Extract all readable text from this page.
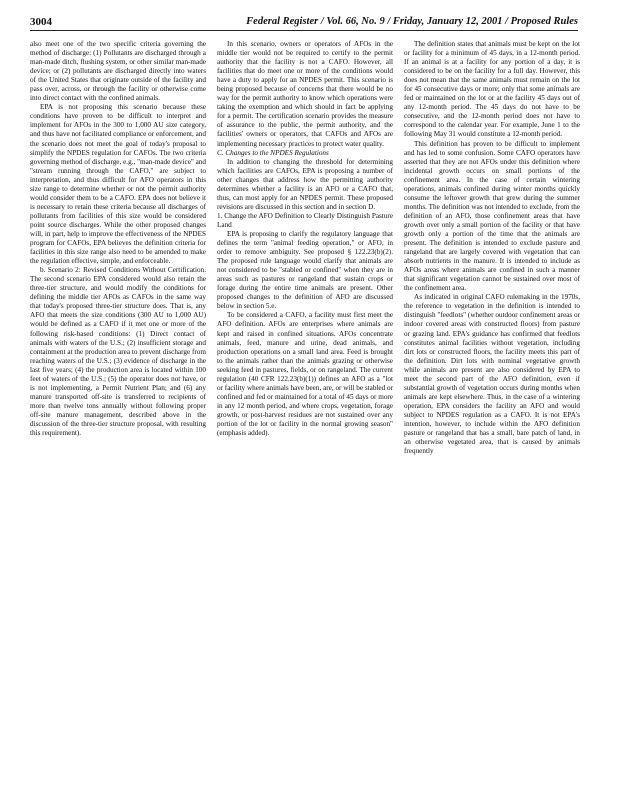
3004	Federal Register / Vol. 66, No. 9 / Friday, January 12, 2001 / Proposed Rules

also meet one of the two specific criteria governing the method of discharge: (1) Pollutants are discharged through a man-made ditch, flushing system, or other similar man-made device; or (2) pollutants are discharged directly into waters of the United States that originate outside of the facility and pass over, across, or through the facility or otherwise come into direct contact with the confined animals.

EPA is not proposing this scenario because these conditions have proven to be difficult to interpret and implement for AFOs in the 300 to 1,000 AU size category, and thus have not facilitated compliance or enforcement, and the scenario does not meet the goal of today's proposal to simplify the NPDES regulation for CAFOs. The two criteria governing method of discharge, e.g., "man-made device" and "stream running through the CAFO," are subject to interpretation, and thus difficult for AFO operators in this size range to determine whether or not the permit authority would consider them to be a CAFO. EPA does not believe it is necessary to retain these criteria because all discharges of pollutants from facilities of this size would be considered point source discharges. While the other proposed changes will, in part, help to improve the effectiveness of the NPDES program for CAFOs, EPA believes the definition criteria for facilities in this size range also need to be amended to make the regulation effective, simple, and enforceable.

b. Scenario 2: Revised Conditions Without Certification. The second scenario EPA considered would also retain the three-tier structure, and would modify the conditions for defining the middle tier AFOs as CAFOs in the same way that today's proposed three-tier structure does. That is, any AFO that meets the size conditions (300 AU to 1,000 AU) would be defined as a CAFO if it met one or more of the following risk-based conditions: (1) Direct contact of animals with waters of the U.S.; (2) insufficient storage and containment at the production area to prevent discharge from reaching waters of the U.S.; (3) evidence of discharge in the last five years; (4) the production area is located within 100 feet of waters of the U.S.; (5) the operator does not have, or is not implementing, a Permit Nutrient Plan; and (6) any manure transported off-site is transferred to recipients of more than twelve tons annually without following proper off-site manure management, described above in the discussion of the three-tier structure proposal, with resulting this requirement).

In this scenario, owners or operators of AFOs in the middle tier would not be required to certify to the permit authority that the facility is not a CAFO. However, all facilities that do meet one or more of the conditions would have a duty to apply for an NPDES permit. This scenario is being proposed because of concerns that there would be no way for the permit authority to know which operations were taking the exemption and which should in fact be applying for a permit. The certification scenario provides the measure of assurance to the public, the permit authority, and the facilities' owners or operators, that CAFOs and AFOs are implementing necessary practices to protect water quality.

C. Changes to the NPDES Regulations

In addition to changing the threshold for determining which facilities are CAFOs, EPA is proposing a number of other changes that address how the permitting authority determines whether a facility is an AFO or a CAFO that, thus, can most apply for an NPDES permit. These proposed revisions are discussed in this section and in section D.

1. Change the AFO Definition to Clearly Distinguish Pasture Land

EPA is proposing to clarify the regulatory language that defines the term "animal feeding operation," or AFO, in order to remove ambiguity. See proposed § 122.23(b)(2). The proposed rule language would clarify that animals are not considered to be "stabled or confined" when they are in areas such as pastures or rangeland that sustain crops or forage during the entire time animals are present. Other proposed changes to the definition of AFO are discussed below in section 5.e.

To be considered a CAFO, a facility must first meet the AFO definition. AFOs are enterprises where animals are kept and raised in confined situations. AFOs concentrate animals, feed, manure and urine, dead animals, and production operations on a small land area. Feed is brought to the animals rather than the animals grazing or otherwise seeking feed in pastures, fields, or on rangeland. The current regulation (40 CFR 122.23(b)(1)) defines an AFO as a "lot or facility where animals have been, are, or will be stabled or confined and fed or maintained for a total of 45 days or more in any 12 month period, and where crops, vegetation, forage growth, or post-harvest residues are not sustained over any portion of the lot or facility in the normal growing season" (emphasis added).

The definition states that animals must be kept on the lot or facility for a minimum of 45 days, in a 12-month period. If an animal is at a facility for any portion of a day, it is considered to be on the facility for a full day. However, this does not mean that the same animals must remain on the lot for 45 consecutive days or more; only that some animals are fed or maintained on the lot or at the facility 45 days out of any 12-month period. The 45 days do not have to be consecutive, and the 12-month period does not have to correspond to the calendar year. For example, June 1 to the following May 31 would constitute a 12-month period.

This definition has proven to be difficult to implement and has led to some confusion. Some CAFO operators have asserted that they are not AFOs under this definition where incidental growth occurs on small portions of the confinement area. In the case of certain wintering operations, animals confined during winter months quickly consume the leftover growth that grew during the summer months. The definition was not intended to exclude, from the definition of an AFO, those confinement areas that have growth over only a small portion of the facility or that have growth only a portion of the time that the animals are present. The definition is intended to exclude pasture and rangeland that are largely covered with vegetation that can absorb nutrients in the manure. It is intended to include as AFOs areas where animals are confined in such a manner that significant vegetation cannot be sustained over most of the confinement area.

As indicated in original CAFO rulemaking in the 1970s, the reference to vegetation in the definition is intended to distinguish "feedlots" (whether outdoor confinement areas or indoor covered areas with constructed floors) from pasture or grazing land. EPA's guidance has confirmed that feedlots constitutes animal facilities without vegetation, including dirt lots or constructed floors, the facility meets this part of the definition. Dirt lots with nominal vegetative growth while animals are present are also considered by EPA to meet the second part of the AFO definition, even if substantial growth of vegetation occurs during months when animals are kept elsewhere. Thus, in the case of a wintering operation, EPA considers the facility an AFO and would subject to NPDES regulation as a CAFO. It is not EPA's intention, however, to include within the AFO definition pasture or rangeland that has a small, bare patch of land, in an otherwise vegetated area, that is caused by animals frequently
